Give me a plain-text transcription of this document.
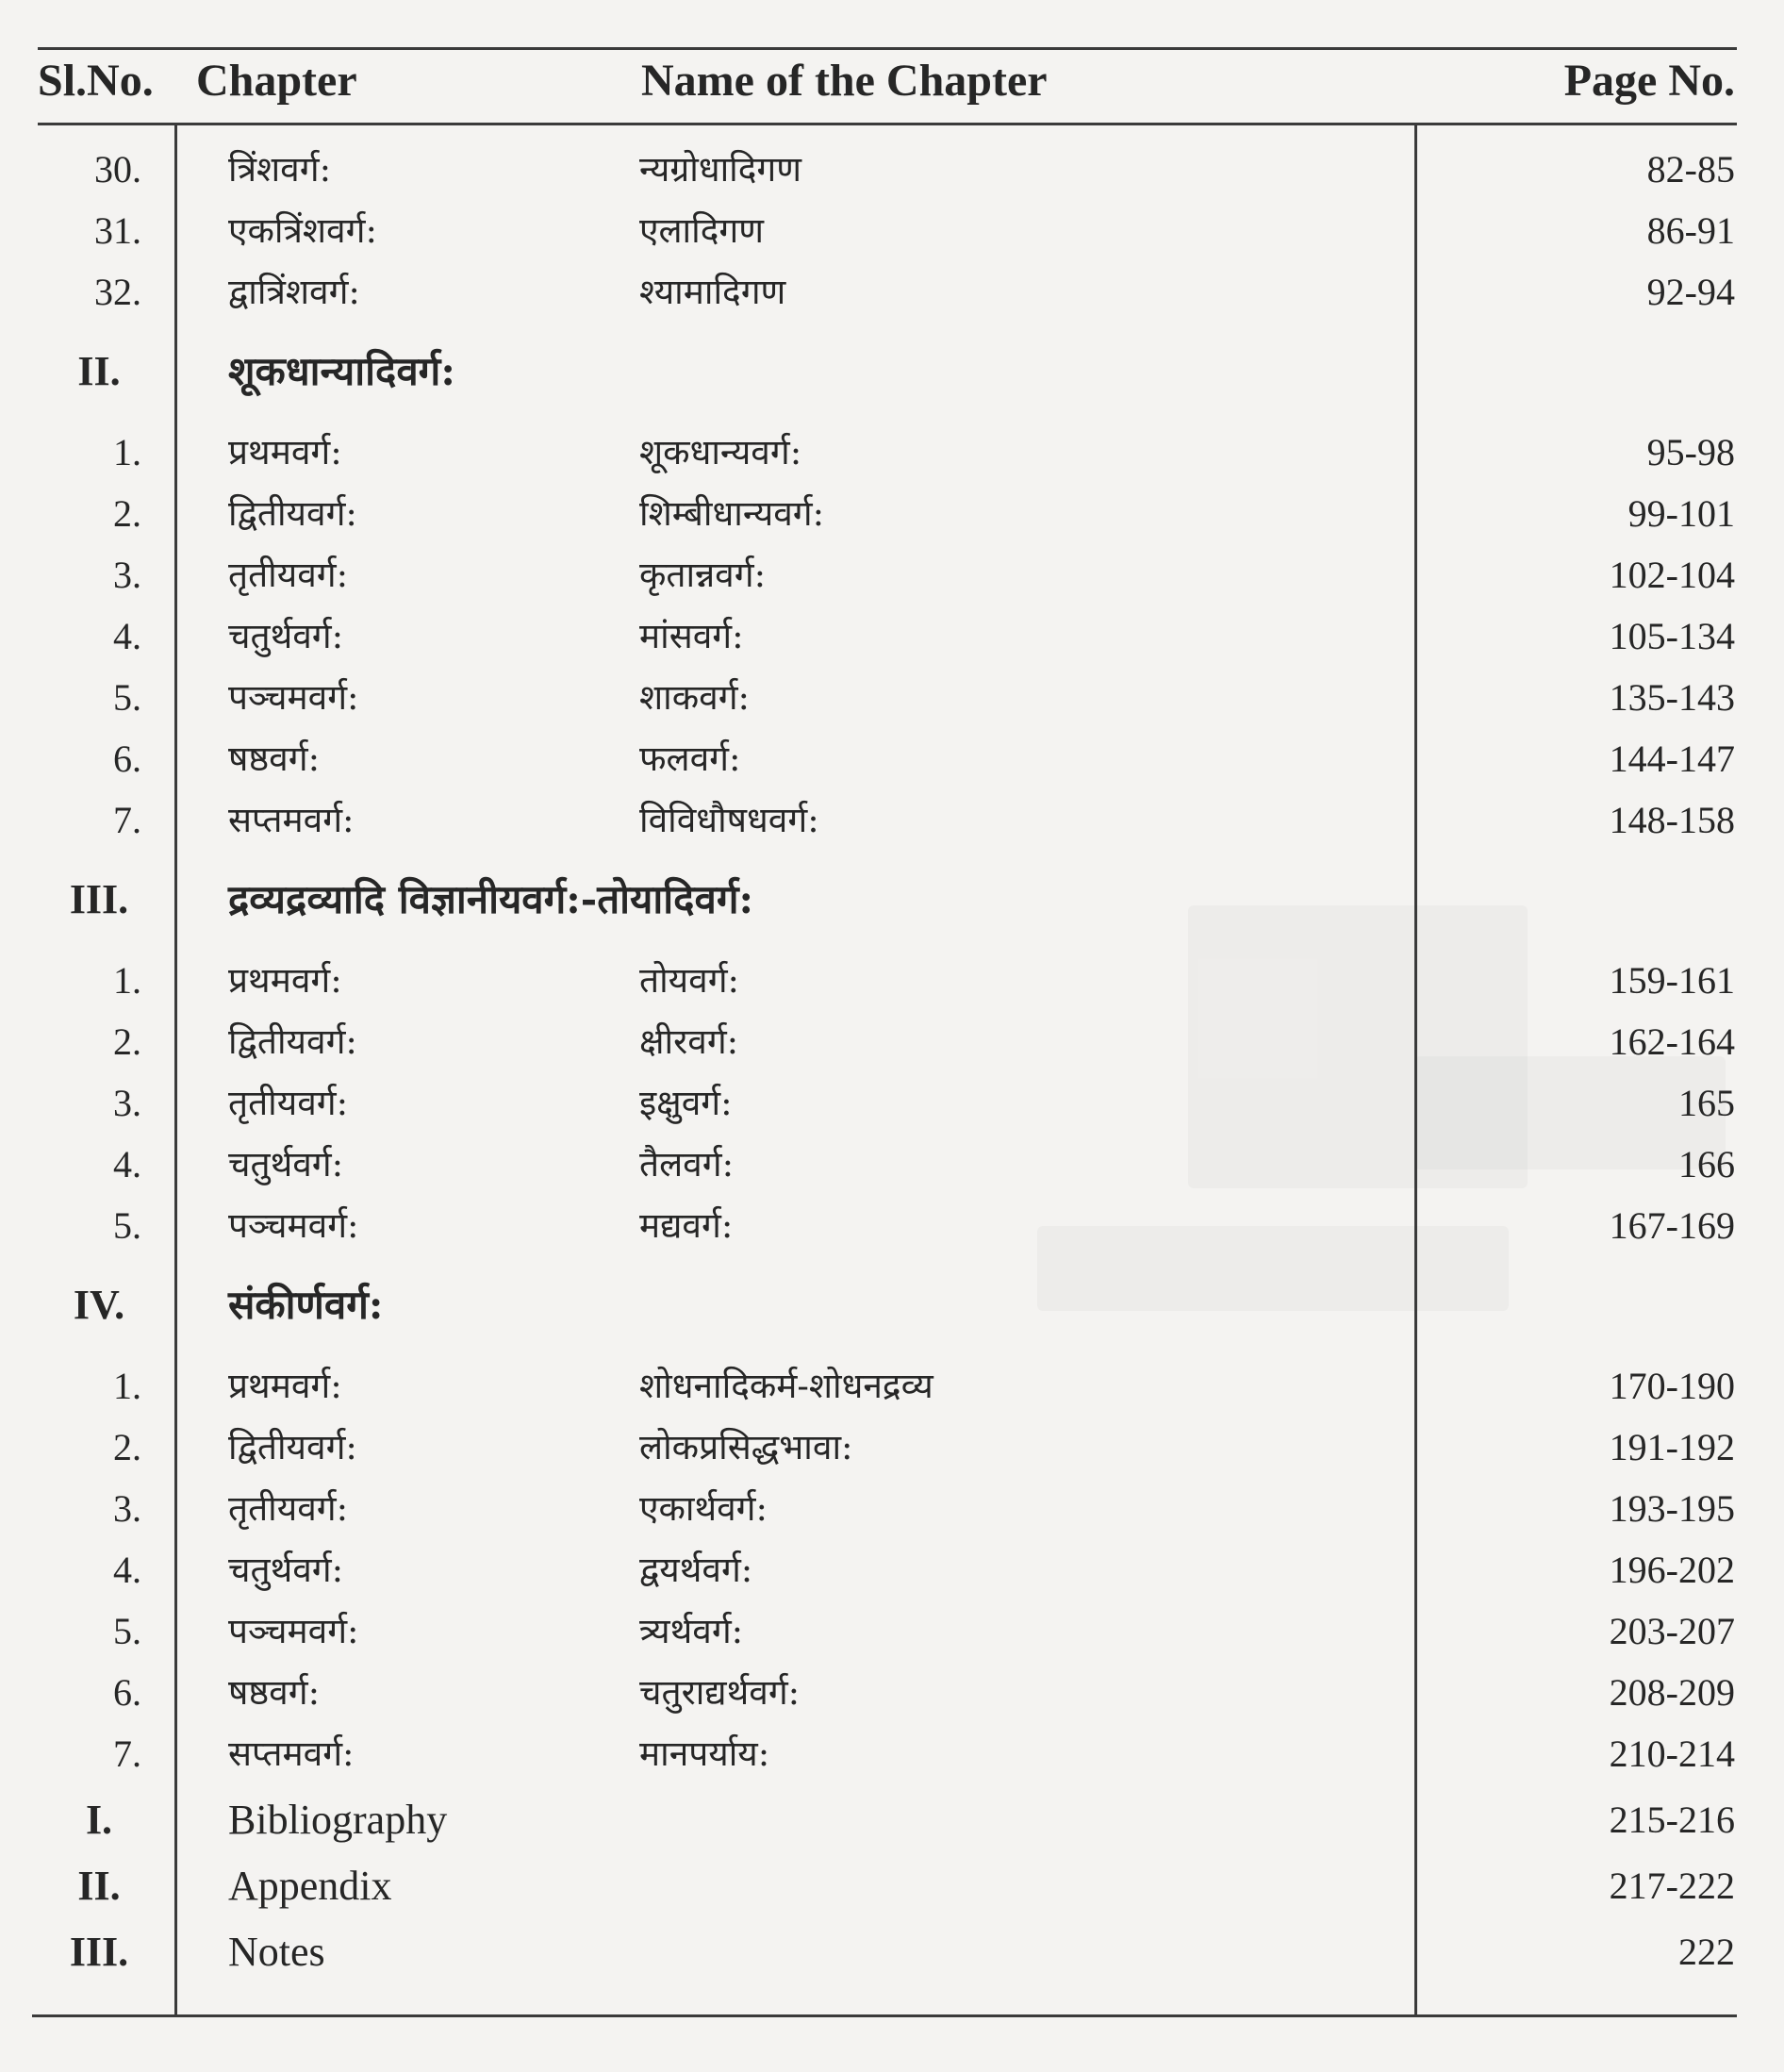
Sl.No. Chapter	Name of the Chapter	Page No.
30. त्रिंशवर्ग:	न्यग्रोधादिगण	82-85
31. एकत्रिंशवर्ग:	एलादिगण	86-91
32. द्वात्रिंशवर्ग:	श्यामादिगण	92-94
II.	शूकधान्यादिवर्ग:
1. प्रथमवर्ग:	शूकधान्यवर्ग:	95-98
2. द्वितीयवर्ग:	शिम्बीधान्यवर्ग:	99-101
3. तृतीयवर्ग:	कृतान्नवर्ग:	102-104
4. चतुर्थवर्ग:	मांसवर्ग:	105-134
5. पञ्चमवर्ग:	शाकवर्ग:	135-143
6. षष्ठवर्ग:	फलवर्ग:	144-147
7. सप्तमवर्ग:	विविधौषधवर्ग:	148-158
III.	द्रव्यद्रव्यादि विज्ञानीयवर्ग:-तोयादिवर्ग:
1. प्रथमवर्ग:	तोयवर्ग:	159-161
2. द्वितीयवर्ग:	क्षीरवर्ग:	162-164
3. तृतीयवर्ग:	इक्षुवर्ग:	165
4. चतुर्थवर्ग:	तैलवर्ग:	166
5. पञ्चमवर्ग:	मद्यवर्ग:	167-169
IV.	संकीर्णवर्ग:
1. प्रथमवर्ग:	शोधनादिकर्म-शोधनद्रव्य	170-190
2. द्वितीयवर्ग:	लोकप्रसिद्धभावा:	191-192
3. तृतीयवर्ग:	एकार्थवर्ग:	193-195
4. चतुर्थवर्ग:	द्वयर्थवर्ग:	196-202
5. पञ्चमवर्ग:	त्र्यर्थवर्ग:	203-207
6. षष्ठवर्ग:	चतुराद्यर्थवर्ग:	208-209
7. सप्तमवर्ग:	मानपर्याय:	210-214
I.	Bibliography	215-216
II.	Appendix	217-222
III.	Notes	222
